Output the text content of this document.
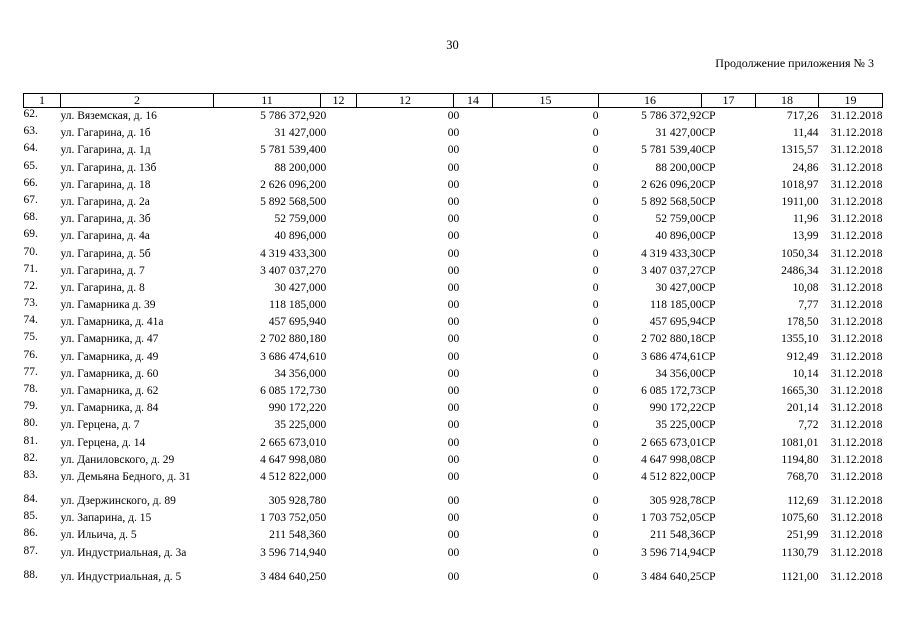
30
Продолжение приложения № 3
1	2	11	12	12	14	15	16	17	18	19
62.	ул. Вяземская, д. 16	5 786 372,92	0	0	0	0	5 786 372,92	СР	717,26	31.12.2018
63.	ул. Гагарина, д. 1б	31 427,00	0	0	0	0	31 427,00	СР	11,44	31.12.2018
64.	ул. Гагарина, д. 1д	5 781 539,40	0	0	0	0	5 781 539,40	СР	1315,57	31.12.2018
65.	ул. Гагарина, д. 13б	88 200,00	0	0	0	0	88 200,00	СР	24,86	31.12.2018
66.	ул. Гагарина, д. 18	2 626 096,20	0	0	0	0	2 626 096,20	СР	1018,97	31.12.2018
67.	ул. Гагарина, д. 2а	5 892 568,50	0	0	0	0	5 892 568,50	СР	1911,00	31.12.2018
68.	ул. Гагарина, д. 3б	52 759,00	0	0	0	0	52 759,00	СР	11,96	31.12.2018
69.	ул. Гагарина, д. 4а	40 896,00	0	0	0	0	40 896,00	СР	13,99	31.12.2018
70.	ул. Гагарина, д. 5б	4 319 433,30	0	0	0	0	4 319 433,30	СР	1050,34	31.12.2018
71.	ул. Гагарина, д. 7	3 407 037,27	0	0	0	0	3 407 037,27	СР	2486,34	31.12.2018
72.	ул. Гагарина, д. 8	30 427,00	0	0	0	0	30 427,00	СР	10,08	31.12.2018
73.	ул. Гамарника д. 39	118 185,00	0	0	0	0	118 185,00	СР	7,77	31.12.2018
74.	ул. Гамарника, д. 41а	457 695,94	0	0	0	0	457 695,94	СР	178,50	31.12.2018
75.	ул. Гамарника, д. 47	2 702 880,18	0	0	0	0	2 702 880,18	СР	1355,10	31.12.2018
76.	ул. Гамарника, д. 49	3 686 474,61	0	0	0	0	3 686 474,61	СР	912,49	31.12.2018
77.	ул. Гамарника, д. 60	34 356,00	0	0	0	0	34 356,00	СР	10,14	31.12.2018
78.	ул. Гамарника, д. 62	6 085 172,73	0	0	0	0	6 085 172,73	СР	1665,30	31.12.2018
79.	ул. Гамарника, д. 84	990 172,22	0	0	0	0	990 172,22	СР	201,14	31.12.2018
80.	ул. Герцена, д. 7	35 225,00	0	0	0	0	35 225,00	СР	7,72	31.12.2018
81.	ул. Герцена, д. 14	2 665 673,01	0	0	0	0	2 665 673,01	СР	1081,01	31.12.2018
82.	ул. Даниловского, д. 29	4 647 998,08	0	0	0	0	4 647 998,08	СР	1194,80	31.12.2018
83.	ул. Демьяна Бедного, д. 31	4 512 822,00	0	0	0	0	4 512 822,00	СР	768,70	31.12.2018
84.	ул. Дзержинского, д. 89	305 928,78	0	0	0	0	305 928,78	СР	112,69	31.12.2018
85.	ул. Запарина, д. 15	1 703 752,05	0	0	0	0	1 703 752,05	СР	1075,60	31.12.2018
86.	ул. Ильича, д. 5	211 548,36	0	0	0	0	211 548,36	СР	251,99	31.12.2018
87.	ул. Индустриальная, д. 3а	3 596 714,94	0	0	0	0	3 596 714,94	СР	1130,79	31.12.2018
88.	ул. Индустриальная, д. 5	3 484 640,25	0	0	0	0	3 484 640,25	СР	1121,00	31.12.2018
